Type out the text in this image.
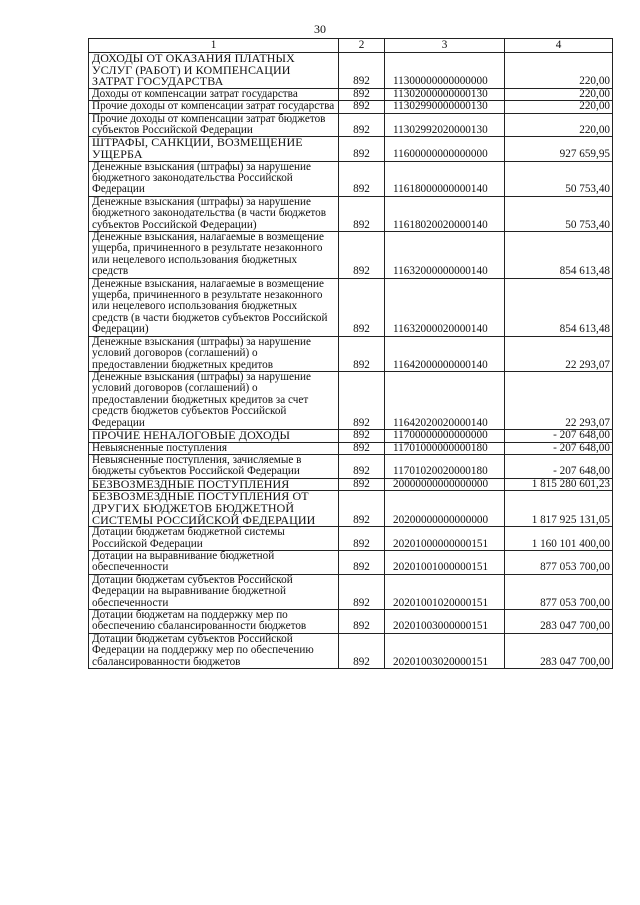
30
1	2	3	4
ДОХОДЫ ОТ ОКАЗАНИЯ ПЛАТНЫХ УСЛУГ (РАБОТ) И КОМПЕНСАЦИИ ЗАТРАТ ГОСУДАРСТВА	892	11300000000000000	220,00
Доходы от компенсации затрат государства	892	11302000000000130	220,00
Прочие доходы от компенсации затрат государства	892	11302990000000130	220,00
Прочие доходы от компенсации затрат бюджетов субъектов Российской Федерации	892	11302992020000130	220,00
ШТРАФЫ, САНКЦИИ, ВОЗМЕЩЕНИЕ УЩЕРБА	892	11600000000000000	927 659,95
Денежные взыскания (штрафы) за нарушение бюджетного законодательства Российской Федерации	892	11618000000000140	50 753,40
Денежные взыскания (штрафы) за нарушение бюджетного законодательства (в части бюджетов субъектов Российской Федерации)	892	11618020020000140	50 753,40
Денежные взыскания, налагаемые в возмещение ущерба, причиненного в результате незаконного или нецелевого использования бюджетных средств	892	11632000000000140	854 613,48
Денежные взыскания, налагаемые в возмещение ущерба, причиненного в результате незаконного или нецелевого использования бюджетных средств (в части бюджетов субъектов Российской Федерации)	892	11632000020000140	854 613,48
Денежные взыскания (штрафы) за нарушение условий договоров (соглашений) о предоставлении бюджетных кредитов	892	11642000000000140	22 293,07
Денежные взыскания (штрафы) за нарушение условий договоров (соглашений) о предоставлении бюджетных кредитов за счет средств бюджетов субъектов Российской Федерации	892	11642020020000140	22 293,07
ПРОЧИЕ НЕНАЛОГОВЫЕ ДОХОДЫ	892	11700000000000000	- 207 648,00
Невыясненные поступления	892	11701000000000180	- 207 648,00
Невыясненные поступления, зачисляемые в бюджеты субъектов Российской Федерации	892	11701020020000180	- 207 648,00
БЕЗВОЗМЕЗДНЫЕ ПОСТУПЛЕНИЯ	892	20000000000000000	1 815 280 601,23
БЕЗВОЗМЕЗДНЫЕ ПОСТУПЛЕНИЯ ОТ ДРУГИХ БЮДЖЕТОВ БЮДЖЕТНОЙ СИСТЕМЫ РОССИЙСКОЙ ФЕДЕРАЦИИ	892	20200000000000000	1 817 925 131,05
Дотации бюджетам бюджетной системы Российской Федерации	892	20201000000000151	1 160 101 400,00
Дотации на выравнивание бюджетной обеспеченности	892	20201001000000151	877 053 700,00
Дотации бюджетам субъектов Российской Федерации на выравнивание бюджетной обеспеченности	892	20201001020000151	877 053 700,00
Дотации бюджетам на поддержку мер по обеспечению сбалансированности бюджетов	892	20201003000000151	283 047 700,00
Дотации бюджетам субъектов Российской Федерации на поддержку мер по обеспечению сбалансированности бюджетов	892	20201003020000151	283 047 700,00
